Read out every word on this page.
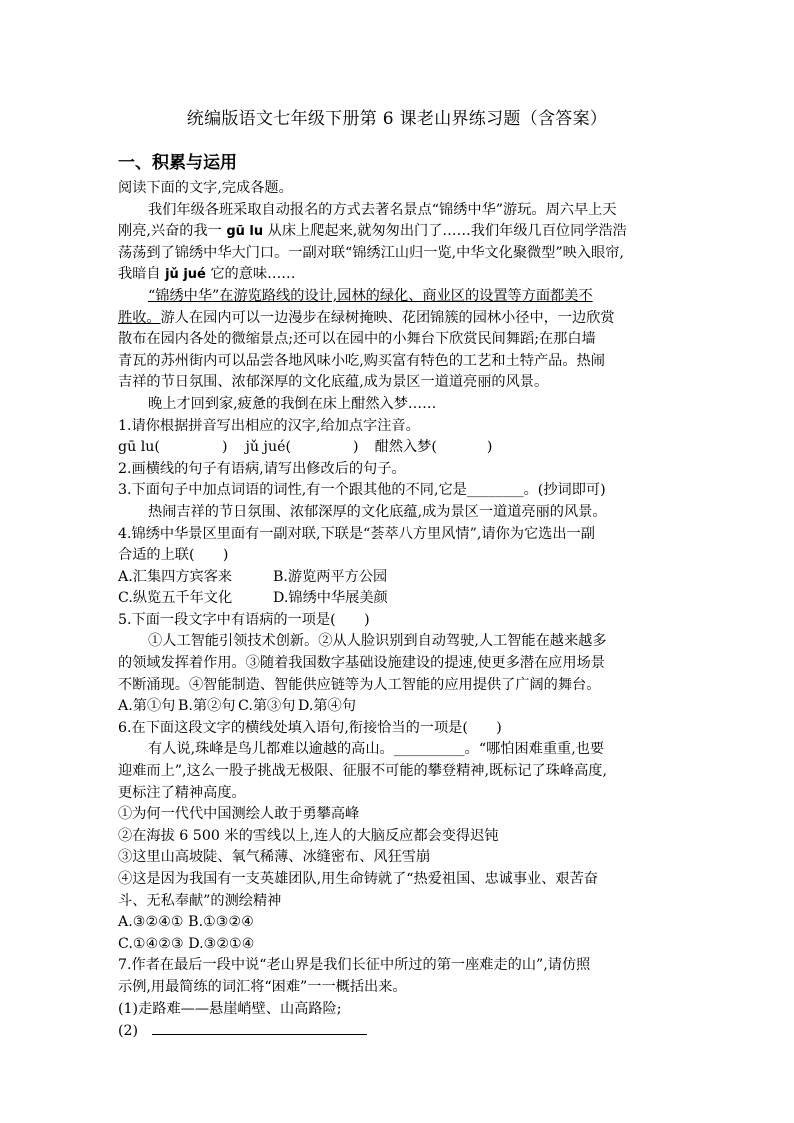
统编版语文七年级下册第 6 课老山界练习题（含答案）
一、积累与运用
阅读下面的文字,完成各题。
我们年级各班采取自动报名的方式去著名景点“锦绣中华”游玩。周六早上天
刚亮,兴奋的我一 gū lu 从床上爬起来,就匆匆出门了……我们年级几百位同学浩浩
荡荡到了锦绣中华大门口。一副对联“锦绣江山归一览,中华文化聚微型”映入眼帘,
我暗自 jǔ jué 它的意味……
“锦绣中华”在游览路线的设计,园林的绿化、商业区的设置等方面都美不
胜收。游人在园内可以一边漫步在绿树掩映、花团锦簇的园林小径中，一边欣赏
散布在园内各处的微缩景点;还可以在园中的小舞台下欣赏民间舞蹈;在那白墙
青瓦的苏州街内可以品尝各地风味小吃,购买富有特色的工艺和土特产品。热闹
吉祥的节日氛围、浓郁深厚的文化底蕴,成为景区一道道亮丽的风景。
晚上才回到家,疲惫的我倒在床上酣然入梦……
1.请你根据拼音写出相应的汉字,给加点字注音。
gū lu(	) jǔ jué(	) 酣然入梦(	)
2.画横线的句子有语病,请写出修改后的句子。
3.下面句子中加点词语的词性,有一个跟其他的不同,它是________。(抄词即可)
热闹吉祥的节日氛围、浓郁深厚的文化底蕴,成为景区一道道亮丽的风景。
4.锦绣中华景区里面有一副对联,下联是“荟萃八方里风情”,请你为它选出一副
合适的上联(　　)
A.汇集四方宾客来	B.游览两平方公园
C.纵览五千年文化	D.锦绣中华展美颜
5.下面一段文字中有语病的一项是(　　)
①人工智能引领技术创新。②从人脸识别到自动驾驶,人工智能在越来越多
的领域发挥着作用。③随着我国数字基础设施建设的提速,使更多潜在应用场景
不断涌现。④智能制造、智能供应链等为人工智能的应用提供了广阔的舞台。
A.第①句 B.第②句 C.第③句 D.第④句
6.在下面这段文字的横线处填入语句,衔接恰当的一项是(　　)
有人说,珠峰是鸟儿都难以逾越的高山。__________。“哪怕困难重重,也要
迎难而上”,这么一股子挑战无极限、征服不可能的攀登精神,既标记了珠峰高度,
更标注了精神高度。
①为何一代代中国测绘人敢于勇攀高峰
②在海拔 6 500 米的雪线以上,连人的大脑反应都会变得迟钝
③这里山高坡陡、氧气稀薄、冰缝密布、风狂雪崩
④这是因为我国有一支英雄团队,用生命铸就了“热爱祖国、忠诚事业、艰苦奋
斗、无私奉献”的测绘精神
A.③②④① B.①③②④
C.①④②③ D.③②①④
7.作者在最后一段中说“老山界是我们长征中所过的第一座难走的山”,请仿照
示例,用最简练的词汇将“困难”一一概括出来。
(1)走路难——悬崖峭壁、山高路险;
(2)
